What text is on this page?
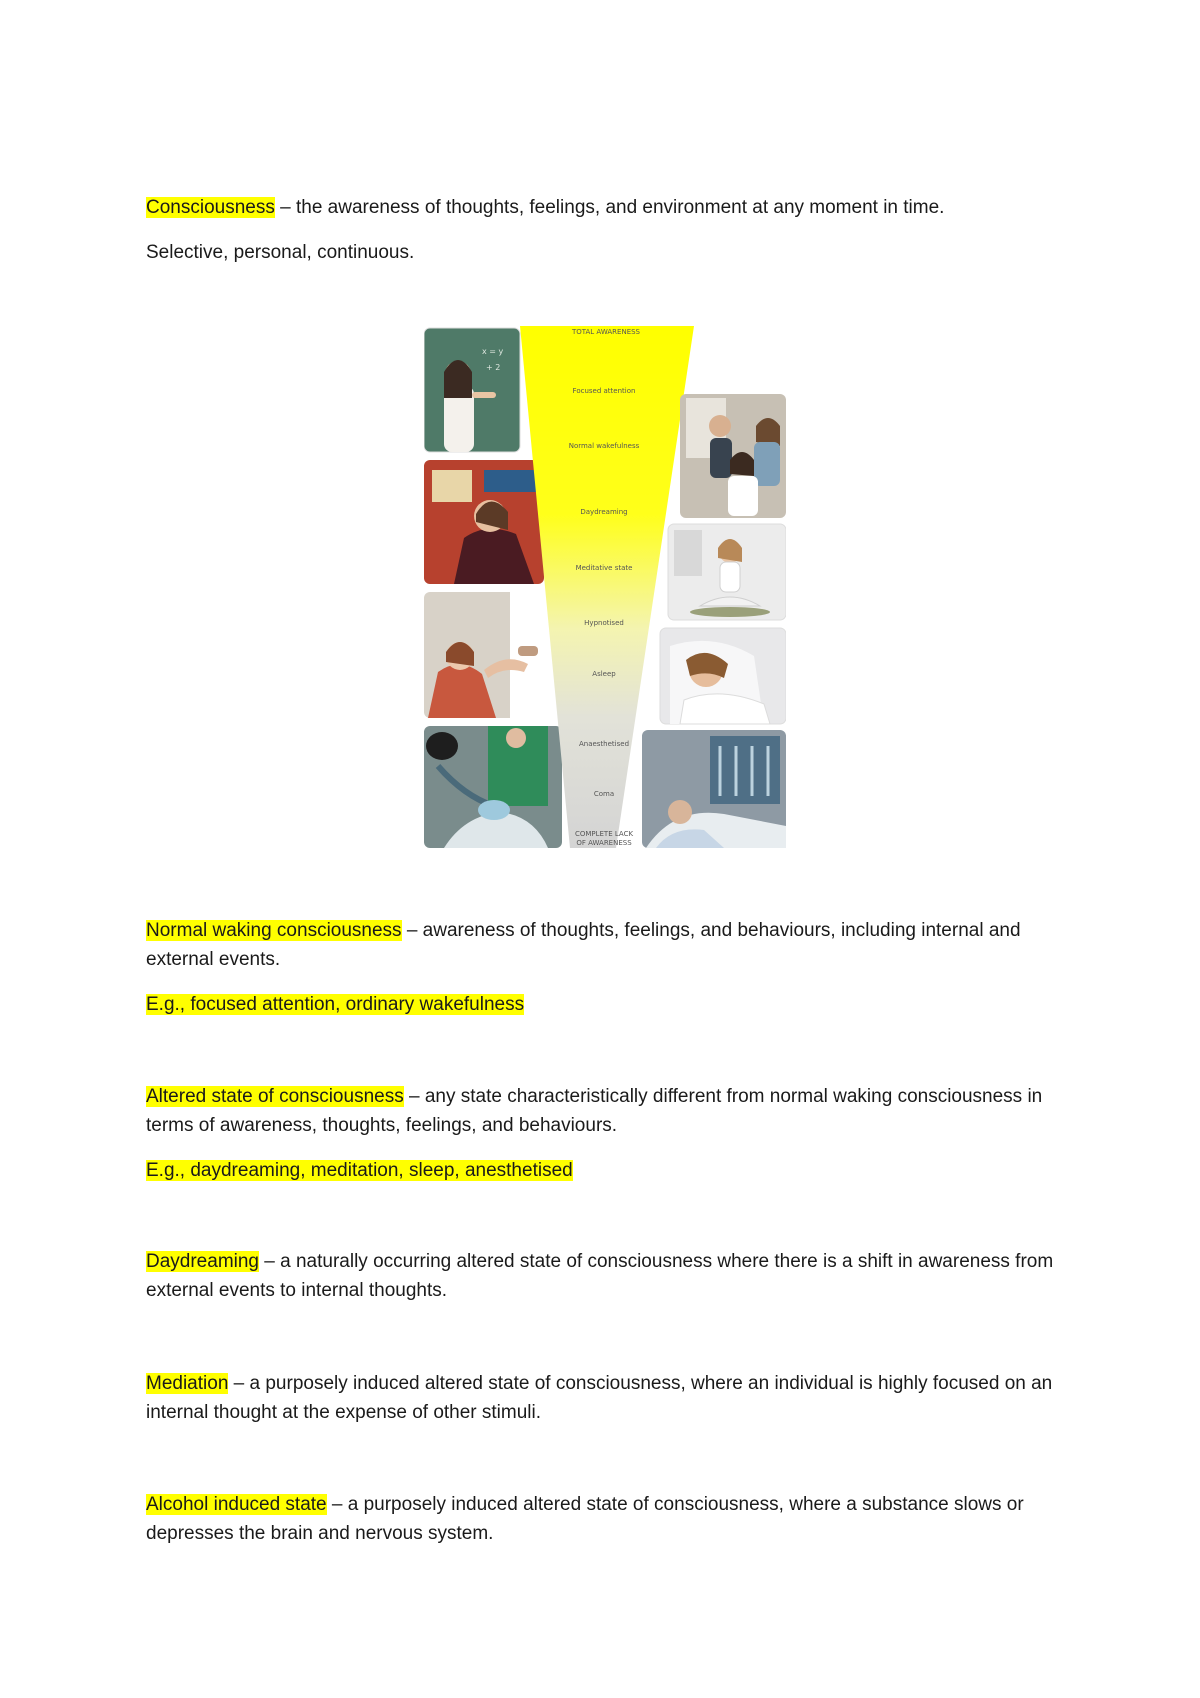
Consciousness – the awareness of thoughts, feelings, and environment at any moment in time.

Selective, personal, continuous.

x = y
+ 2
TOTAL AWARENESS
Focused attention
Normal wakefulness
Daydreaming
Meditative state
Hypnotised
Asleep
Anaesthetised
Coma
COMPLETE LACK
OF AWARENESS

Normal waking consciousness – awareness of thoughts, feelings, and behaviours, including internal and external events.

E.g., focused attention, ordinary wakefulness

Altered state of consciousness – any state characteristically different from normal waking consciousness in terms of awareness, thoughts, feelings, and behaviours.

E.g., daydreaming, meditation, sleep, anesthetised

Daydreaming – a naturally occurring altered state of consciousness where there is a shift in awareness from external events to internal thoughts.

Mediation – a purposely induced altered state of consciousness, where an individual is highly focused on an internal thought at the expense of other stimuli.

Alcohol induced state – a purposely induced altered state of consciousness, where a substance slows or depresses the brain and nervous system.
